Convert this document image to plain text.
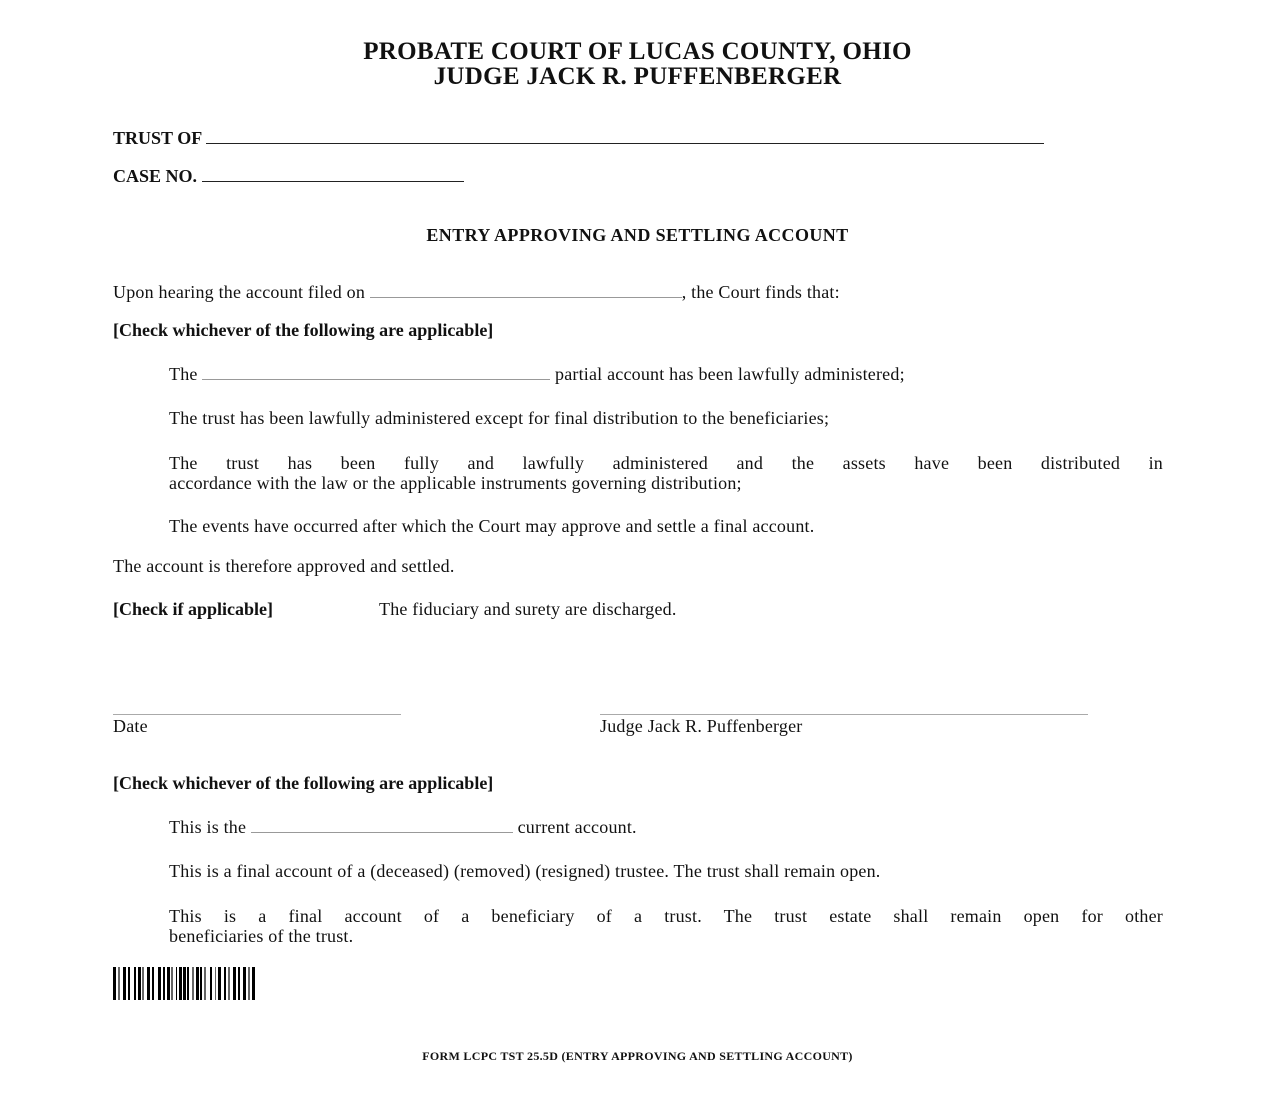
PROBATE COURT OF LUCAS COUNTY, OHIO
JUDGE JACK R. PUFFENBERGER
TRUST OF
CASE NO.
ENTRY APPROVING AND SETTLING ACCOUNT
Upon hearing the account filed on	, the Court finds that:
[Check whichever of the following are applicable]
The	partial account has been lawfully administered;
The trust has been lawfully administered except for final distribution to the beneficiaries;
The trust has been fully and lawfully administered and the assets have been distributed in
accordance with the law or the applicable instruments governing distribution;
The events have occurred after which the Court may approve and settle a final account.
The account is therefore approved and settled.
[Check if applicable]	The fiduciary and surety are discharged.
Date	Judge Jack R. Puffenberger
[Check whichever of the following are applicable]
This is the	current account.
This is a final account of a (deceased) (removed) (resigned) trustee. The trust shall remain open.
This is a final account of a beneficiary of a trust. The trust estate shall remain open for other
beneficiaries of the trust.
FORM LCPC TST 25.5D (ENTRY APPROVING AND SETTLING ACCOUNT)
